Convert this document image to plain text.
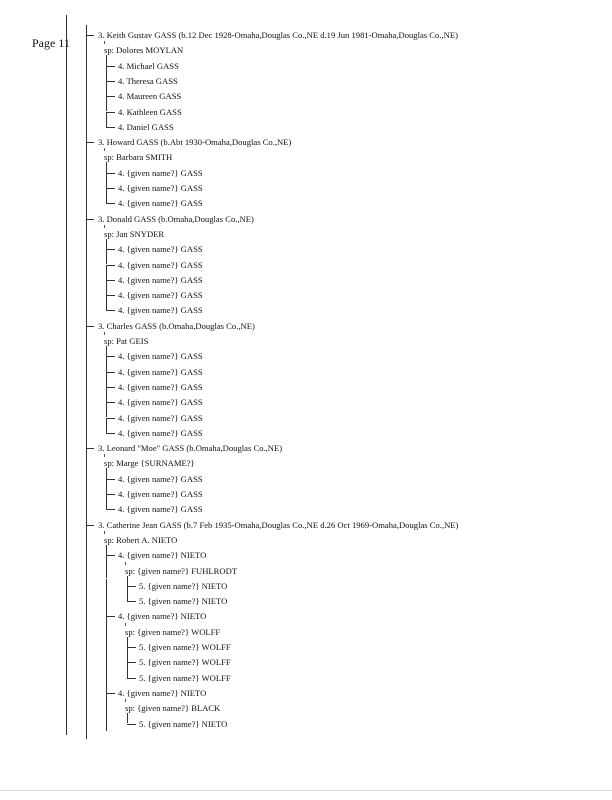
Page 11
3. Keith Gustav GASS (b.12 Dec 1928-Omaha,Douglas Co.,NE d.19 Jun 1981-Omaha,Douglas Co.,NE)
sp: Dolores MOYLAN
4. Michael GASS
4. Theresa GASS
4. Maureen GASS
4. Kathleen GASS
4. Daniel GASS
3. Howard GASS (b.Abt 1930-Omaha,Douglas Co.,NE)
sp: Barbara SMITH
4. {given name?} GASS
4. {given name?} GASS
4. {given name?} GASS
3. Donald GASS (b.Omaha,Douglas Co.,NE)
sp: Jan SNYDER
4. {given name?} GASS
4. {given name?} GASS
4. {given name?} GASS
4. {given name?} GASS
4. {given name?} GASS
3. Charles GASS (b.Omaha,Douglas Co.,NE)
sp: Pat GEIS
4. {given name?} GASS
4. {given name?} GASS
4. {given name?} GASS
4. {given name?} GASS
4. {given name?} GASS
4. {given name?} GASS
3. Leonard "Moe" GASS (b.Omaha,Douglas Co.,NE)
sp: Marge {SURNAME?}
4. {given name?} GASS
4. {given name?} GASS
4. {given name?} GASS
3. Catherine Jean GASS (b.7 Feb 1935-Omaha,Douglas Co.,NE d.26 Oct 1969-Omaha,Douglas Co.,NE)
sp: Robert A. NIETO
4. {given name?} NIETO
sp: {given name?} FUHLRODT
5. {given name?} NIETO
5. {given name?} NIETO
4. {given name?} NIETO
sp: {given name?} WOLFF
5. {given name?} WOLFF
5. {given name?} WOLFF
5. {given name?} WOLFF
4. {given name?} NIETO
sp: {given name?} BLACK
5. {given name?} NIETO
